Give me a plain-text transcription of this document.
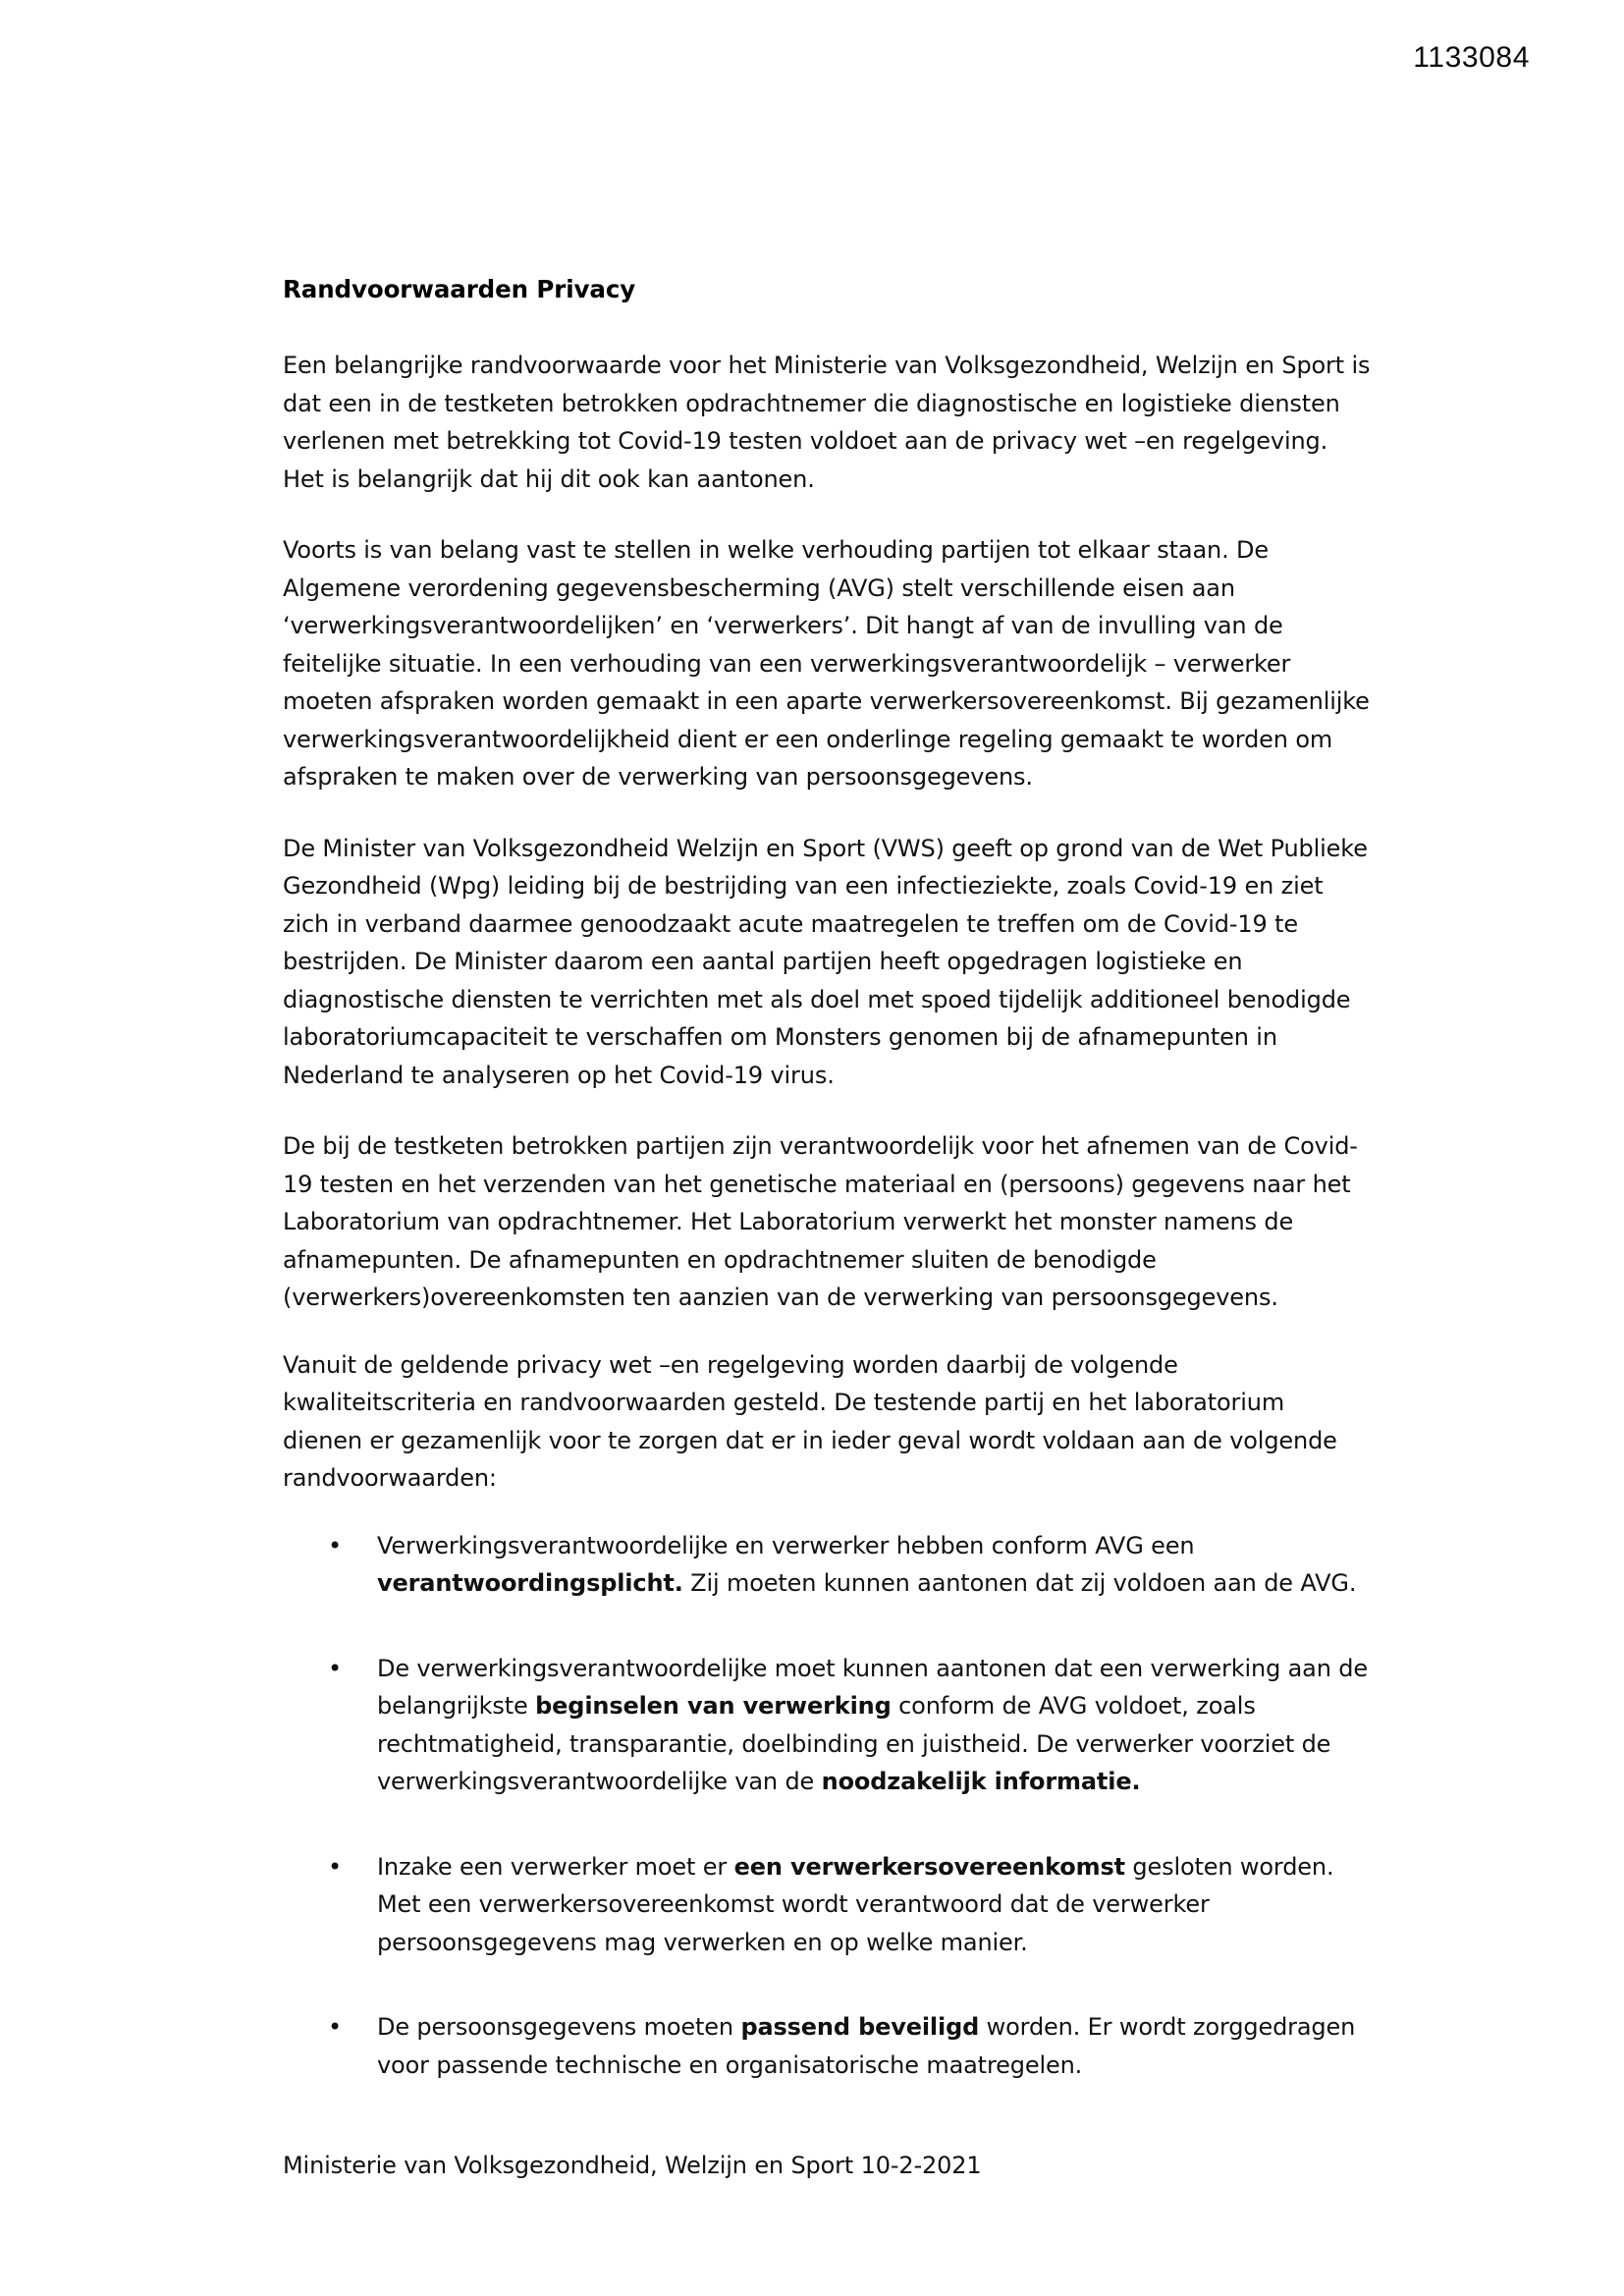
1133084
Randvoorwaarden Privacy

Een belangrijke randvoorwaarde voor het Ministerie van Volksgezondheid, Welzijn en Sport is dat een in de testketen betrokken opdrachtnemer die diagnostische en logistieke diensten verlenen met betrekking tot Covid-19 testen voldoet aan de privacy wet –en regelgeving. Het is belangrijk dat hij dit ook kan aantonen.

Voorts is van belang vast te stellen in welke verhouding partijen tot elkaar staan. De Algemene verordening gegevensbescherming (AVG) stelt verschillende eisen aan ‘verwerkingsverantwoordelijken’ en ‘verwerkers’. Dit hangt af van de invulling van de feitelijke situatie. In een verhouding van een verwerkingsverantwoordelijk – verwerker moeten afspraken worden gemaakt in een aparte verwerkersovereenkomst. Bij gezamenlijke verwerkingsverantwoordelijkheid dient er een onderlinge regeling gemaakt te worden om afspraken te maken over de verwerking van persoonsgegevens.

De Minister van Volksgezondheid Welzijn en Sport (VWS) geeft op grond van de Wet Publieke Gezondheid (Wpg) leiding bij de bestrijding van een infectieziekte, zoals Covid-19 en ziet zich in verband daarmee genoodzaakt acute maatregelen te treffen om de Covid-19 te bestrijden. De Minister daarom een aantal partijen heeft opgedragen logistieke en diagnostische diensten te verrichten met als doel met spoed tijdelijk additioneel benodigde laboratoriumcapaciteit te verschaffen om Monsters genomen bij de afnamepunten in Nederland te analyseren op het Covid-19 virus.

De bij de testketen betrokken partijen zijn verantwoordelijk voor het afnemen van de Covid-19 testen en het verzenden van het genetische materiaal en (persoons) gegevens naar het Laboratorium van opdrachtnemer. Het Laboratorium verwerkt het monster namens de afnamepunten. De afnamepunten en opdrachtnemer sluiten de benodigde (verwerkers)overeenkomsten ten aanzien van de verwerking van persoonsgegevens.

Vanuit de geldende privacy wet –en regelgeving worden daarbij de volgende kwaliteitscriteria en randvoorwaarden gesteld. De testende partij en het laboratorium dienen er gezamenlijk voor te zorgen dat er in ieder geval wordt voldaan aan de volgende randvoorwaarden:

• Verwerkingsverantwoordelijke en verwerker hebben conform AVG een verantwoordingsplicht. Zij moeten kunnen aantonen dat zij voldoen aan de AVG.
• De verwerkingsverantwoordelijke moet kunnen aantonen dat een verwerking aan de belangrijkste beginselen van verwerking conform de AVG voldoet, zoals rechtmatigheid, transparantie, doelbinding en juistheid. De verwerker voorziet de verwerkingsverantwoordelijke van de noodzakelijk informatie.
• Inzake een verwerker moet er een verwerkersovereenkomst gesloten worden. Met een verwerkersovereenkomst wordt verantwoord dat de verwerker persoonsgegevens mag verwerken en op welke manier.
• De persoonsgegevens moeten passend beveiligd worden. Er wordt zorggedragen voor passende technische en organisatorische maatregelen.
Ministerie van Volksgezondheid, Welzijn en Sport 10-2-2021
